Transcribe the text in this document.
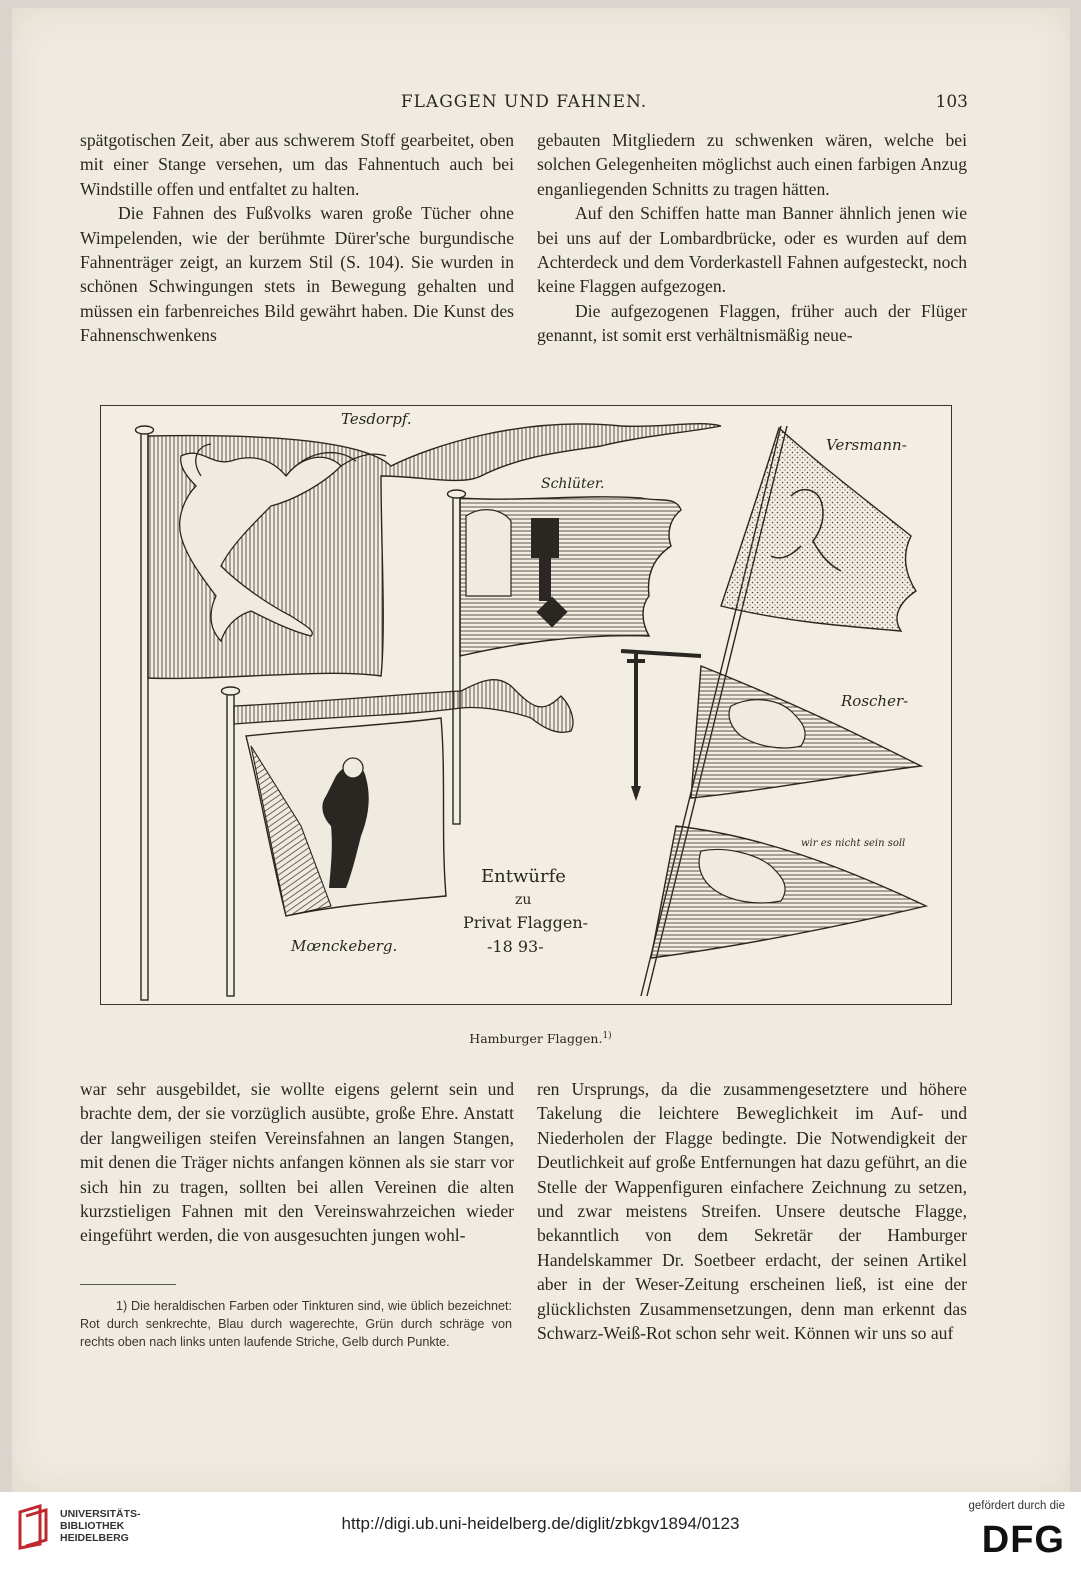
FLAGGEN UND FAHNEN.	103

spätgotischen Zeit, aber aus schwerem Stoff gearbeitet, oben mit einer Stange versehen, um das Fahnentuch auch bei Windstille offen und entfaltet zu halten.

Die Fahnen des Fußvolks waren große Tücher ohne Wimpelenden, wie der berühmte Dürer'sche burgundische Fahnenträger zeigt, an kurzem Stil (S. 104). Sie wurden in schönen Schwingungen stets in Bewegung gehalten und müssen ein farbenreiches Bild gewährt haben. Die Kunst des Fahnenschwenkens

gebauten Mitgliedern zu schwenken wären, welche bei solchen Gelegenheiten möglichst auch einen farbigen Anzug enganliegenden Schnitts zu tragen hätten.

Auf den Schiffen hatte man Banner ähnlich jenen wie bei uns auf der Lombardbrücke, oder es wurden auf dem Achterdeck und dem Vorderkastell Fahnen aufgesteckt, noch keine Flaggen aufgezogen.

Die aufgezogenen Flaggen, früher auch der Flüger genannt, ist somit erst verhältnismäßig neue-

Tesdorpf.
Schlüter.
Versmann-
Roscher-
wir es nicht sein soll
Mœnckeberg.
Entwürfe
zu
Privat Flaggen-
-18 93-
Hamburger Flaggen.$^{1)}$

war sehr ausgebildet, sie wollte eigens gelernt sein und brachte dem, der sie vorzüglich ausübte, große Ehre. Anstatt der langweiligen steifen Vereinsfahnen an langen Stangen, mit denen die Träger nichts anfangen können als sie starr vor sich hin zu tragen, sollten bei allen Vereinen die alten kurzstieligen Fahnen mit den Vereinswahrzeichen wieder eingeführt werden, die von ausgesuchten jungen wohl-

ren Ursprungs, da die zusammengesetztere und höhere Takelung die leichtere Beweglichkeit im Auf- und Niederholen der Flagge bedingte. Die Notwendigkeit der Deutlichkeit auf große Entfernungen hat dazu geführt, an die Stelle der Wappenfiguren einfachere Zeichnung zu setzen, und zwar meistens Streifen. Unsere deutsche Flagge, bekanntlich von dem Sekretär der Hamburger Handelskammer Dr. Soetbeer erdacht, der seinen Artikel aber in der Weser-Zeitung erscheinen ließ, ist eine der glücklichsten Zusammensetzungen, denn man erkennt das Schwarz-Weiß-Rot schon sehr weit. Können wir uns so auf

1) Die heraldischen Farben oder Tinkturen sind, wie üblich bezeichnet: Rot durch senkrechte, Blau durch wagerechte, Grün durch schräge von rechts oben nach links unten laufende Striche, Gelb durch Punkte.

UNIVERSITÄTS-
BIBLIOTHEK
HEIDELBERG
http://digi.ub.uni-heidelberg.de/diglit/zbkgv1894/0123
gefördert durch die
DFG
